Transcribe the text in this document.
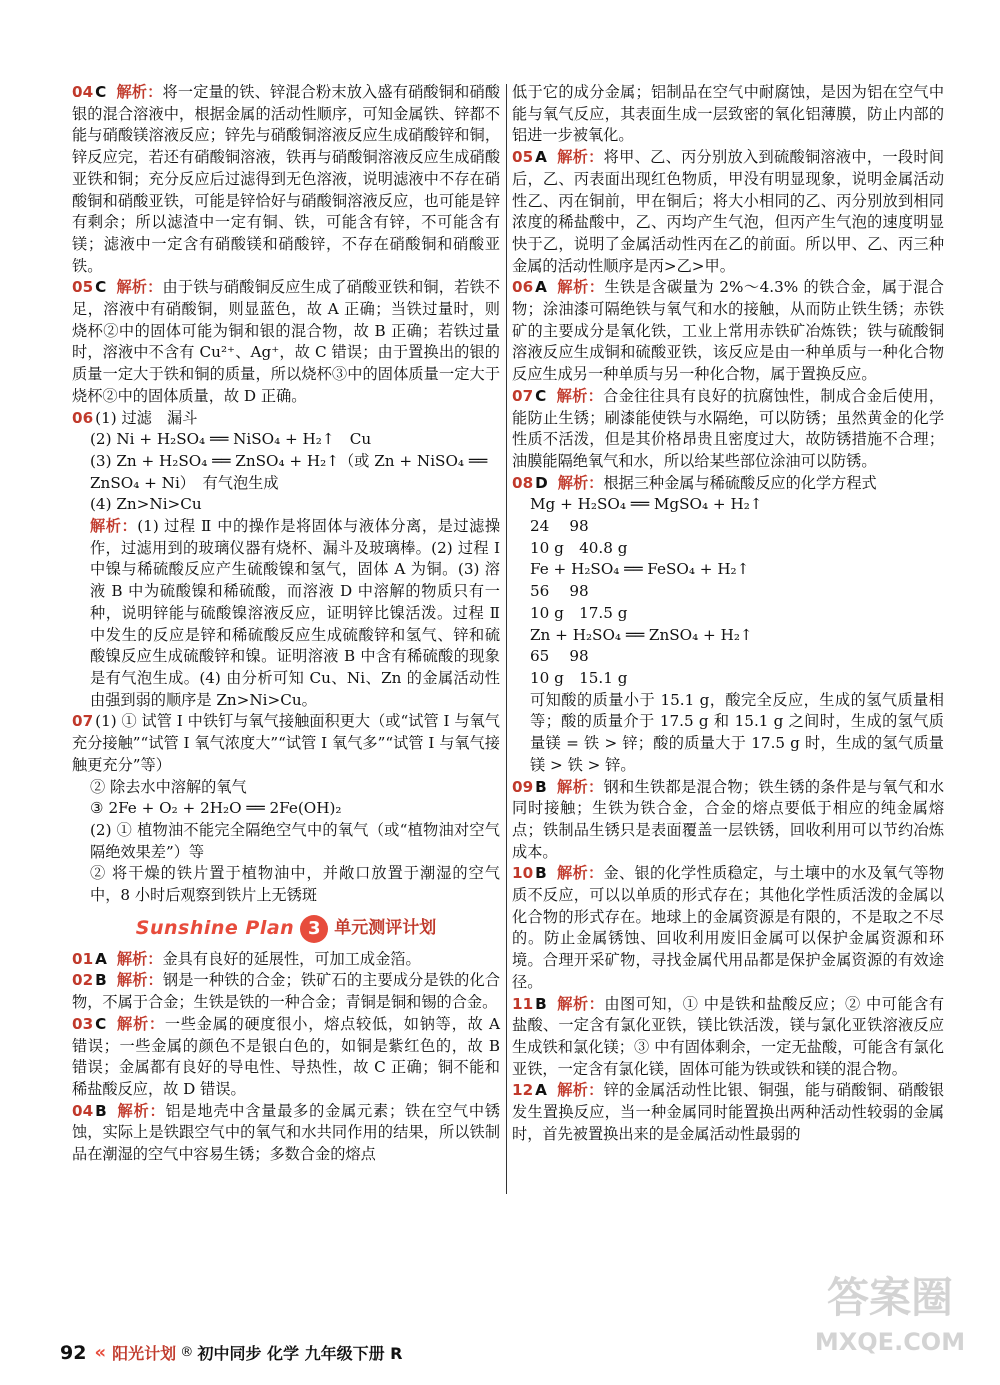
04 C 解析：将一定量的铁、锌混合粉末放入盛有硝酸铜和硝酸银的混合溶液中，根据金属的活动性顺序，可知金属铁、锌都不能与硝酸镁溶液反应；锌先与硝酸铜溶液反应生成硝酸锌和铜，锌反应完，若还有硝酸铜溶液，铁再与硝酸铜溶液反应生成硝酸亚铁和铜；充分反应后过滤得到无色溶液，说明滤液中不存在硝酸铜和硝酸亚铁，可能是锌恰好与硝酸铜溶液反应，也可能是锌有剩余；所以滤渣中一定有铜、铁，可能含有锌，不可能含有镁；滤液中一定含有硝酸镁和硝酸锌，不存在硝酸铜和硝酸亚铁。

05 C 解析：由于铁与硝酸铜反应生成了硝酸亚铁和铜，若铁不足，溶液中有硝酸铜，则显蓝色，故 A 正确；当铁过量时，则烧杯②中的固体可能为铜和银的混合物，故 B 正确；若铁过量时，溶液中不含有 Cu²⁺、Ag⁺，故 C 错误；由于置换出的银的质量一定大于铁和铜的质量，所以烧杯③中的固体质量一定大于烧杯②中的固体质量，故 D 正确。

06 (1) 过滤　漏斗

(2) Ni + H₂SO₄ ══ NiSO₄ + H₂↑　Cu

(3) Zn + H₂SO₄ ══ ZnSO₄ + H₂↑（或 Zn + NiSO₄ ══

ZnSO₄ + Ni）　有气泡生成

(4) Zn>Ni>Cu

解析：(1) 过程 Ⅱ 中的操作是将固体与液体分离，是过滤操作，过滤用到的玻璃仪器有烧杯、漏斗及玻璃棒。(2) 过程 Ⅰ 中镍与稀硫酸反应产生硫酸镍和氢气，固体 A 为铜。(3) 溶液 B 中为硫酸镍和稀硫酸，而溶液 D 中溶解的物质只有一种，说明锌能与硫酸镍溶液反应，证明锌比镍活泼。过程 Ⅱ 中发生的反应是锌和稀硫酸反应生成硫酸锌和氢气、锌和硫酸镍反应生成硫酸锌和镍。证明溶液 B 中含有稀硫酸的现象是有气泡生成。(4) 由分析可知 Cu、Ni、Zn 的金属活动性由强到弱的顺序是 Zn>Ni>Cu。

07 (1) ① 试管 Ⅰ 中铁钉与氧气接触面积更大（或“试管 Ⅰ 与氧气充分接触”“试管 Ⅰ 氧气浓度大”“试管 Ⅰ 氧气多”“试管 Ⅰ 与氧气接触更充分”等）

② 除去水中溶解的氧气

③ 2Fe + O₂ + 2H₂O ══ 2Fe(OH)₂

(2) ① 植物油不能完全隔绝空气中的氧气（或“植物油对空气隔绝效果差”）等

② 将干燥的铁片置于植物油中，并敞口放置于潮湿的空气中，8 小时后观察到铁片上无锈斑

Sunshine Plan 3 单元测评计划

01 A 解析：金具有良好的延展性，可加工成金箔。

02 B 解析：钢是一种铁的合金；铁矿石的主要成分是铁的化合物，不属于合金；生铁是铁的一种合金；青铜是铜和锡的合金。

03 C 解析：一些金属的硬度很小，熔点较低，如钠等，故 A 错误；一些金属的颜色不是银白色的，如铜是紫红色的，故 B 错误；金属都有良好的导电性、导热性，故 C 正确；铜不能和稀盐酸反应，故 D 错误。

04 B 解析：铝是地壳中含量最多的金属元素；铁在空气中锈蚀，实际上是铁跟空气中的氧气和水共同作用的结果，所以铁制品在潮湿的空气中容易生锈；多数合金的熔点

低于它的成分金属；铝制品在空气中耐腐蚀，是因为铝在空气中能与氧气反应，其表面生成一层致密的氧化铝薄膜，防止内部的铝进一步被氧化。

05 A 解析：将甲、乙、丙分别放入到硫酸铜溶液中，一段时间后，乙、丙表面出现红色物质，甲没有明显现象，说明金属活动性乙、丙在铜前，甲在铜后；将大小相同的乙、丙分别放到相同浓度的稀盐酸中，乙、丙均产生气泡，但丙产生气泡的速度明显快于乙，说明了金属活动性丙在乙的前面。所以甲、乙、丙三种金属的活动性顺序是丙>乙>甲。

06 A 解析：生铁是含碳量为 2%～4.3% 的铁合金，属于混合物；涂油漆可隔绝铁与氧气和水的接触，从而防止铁生锈；赤铁矿的主要成分是氧化铁，工业上常用赤铁矿冶炼铁；铁与硫酸铜溶液反应生成铜和硫酸亚铁，该反应是由一种单质与一种化合物反应生成另一种单质与另一种化合物，属于置换反应。

07 C 解析：合金往往具有良好的抗腐蚀性，制成合金后使用，能防止生锈；刷漆能使铁与水隔绝，可以防锈；虽然黄金的化学性质不活泼，但是其价格昂贵且密度过大，故防锈措施不合理；油膜能隔绝氧气和水，所以给某些部位涂油可以防锈。

08 D 解析：根据三种金属与稀硫酸反应的化学方程式

Mg + H₂SO₄ ══ MgSO₄ + H₂↑

24　 98

10 g　40.8 g

Fe + H₂SO₄ ══ FeSO₄ + H₂↑

56　 98

10 g　17.5 g

Zn + H₂SO₄ ══ ZnSO₄ + H₂↑

65　 98

10 g　15.1 g

可知酸的质量小于 15.1 g，酸完全反应，生成的氢气质量相等；酸的质量介于 17.5 g 和 15.1 g 之间时，生成的氢气质量镁 = 铁 > 锌；酸的质量大于 17.5 g 时，生成的氢气质量镁 > 铁 > 锌。

09 B 解析：钢和生铁都是混合物；铁生锈的条件是与氧气和水同时接触；生铁为铁合金，合金的熔点要低于相应的纯金属熔点；铁制品生锈只是表面覆盖一层铁锈，回收利用可以节约冶炼成本。

10 B 解析：金、银的化学性质稳定，与土壤中的水及氧气等物质不反应，可以以单质的形式存在；其他化学性质活泼的金属以化合物的形式存在。地球上的金属资源是有限的，不是取之不尽的。防止金属锈蚀、回收利用废旧金属可以保护金属资源和环境。合理开采矿物，寻找金属代用品都是保护金属资源的有效途径。

11 B 解析：由图可知，① 中是铁和盐酸反应；② 中可能含有盐酸、一定含有氯化亚铁，镁比铁活泼，镁与氯化亚铁溶液反应生成铁和氯化镁；③ 中有固体剩余，一定无盐酸，可能含有氯化亚铁，一定含有氯化镁，固体可能为铁或铁和镁的混合物。

12 A 解析：锌的金属活动性比银、铜强，能与硝酸铜、硝酸银发生置换反应，当一种金属同时能置换出两种活动性较弱的金属时，首先被置换出来的是金属活动性最弱的

92 « 阳光计划 ® 初中同步 化学 九年级下册 R
答案圈
MXQE.COM
